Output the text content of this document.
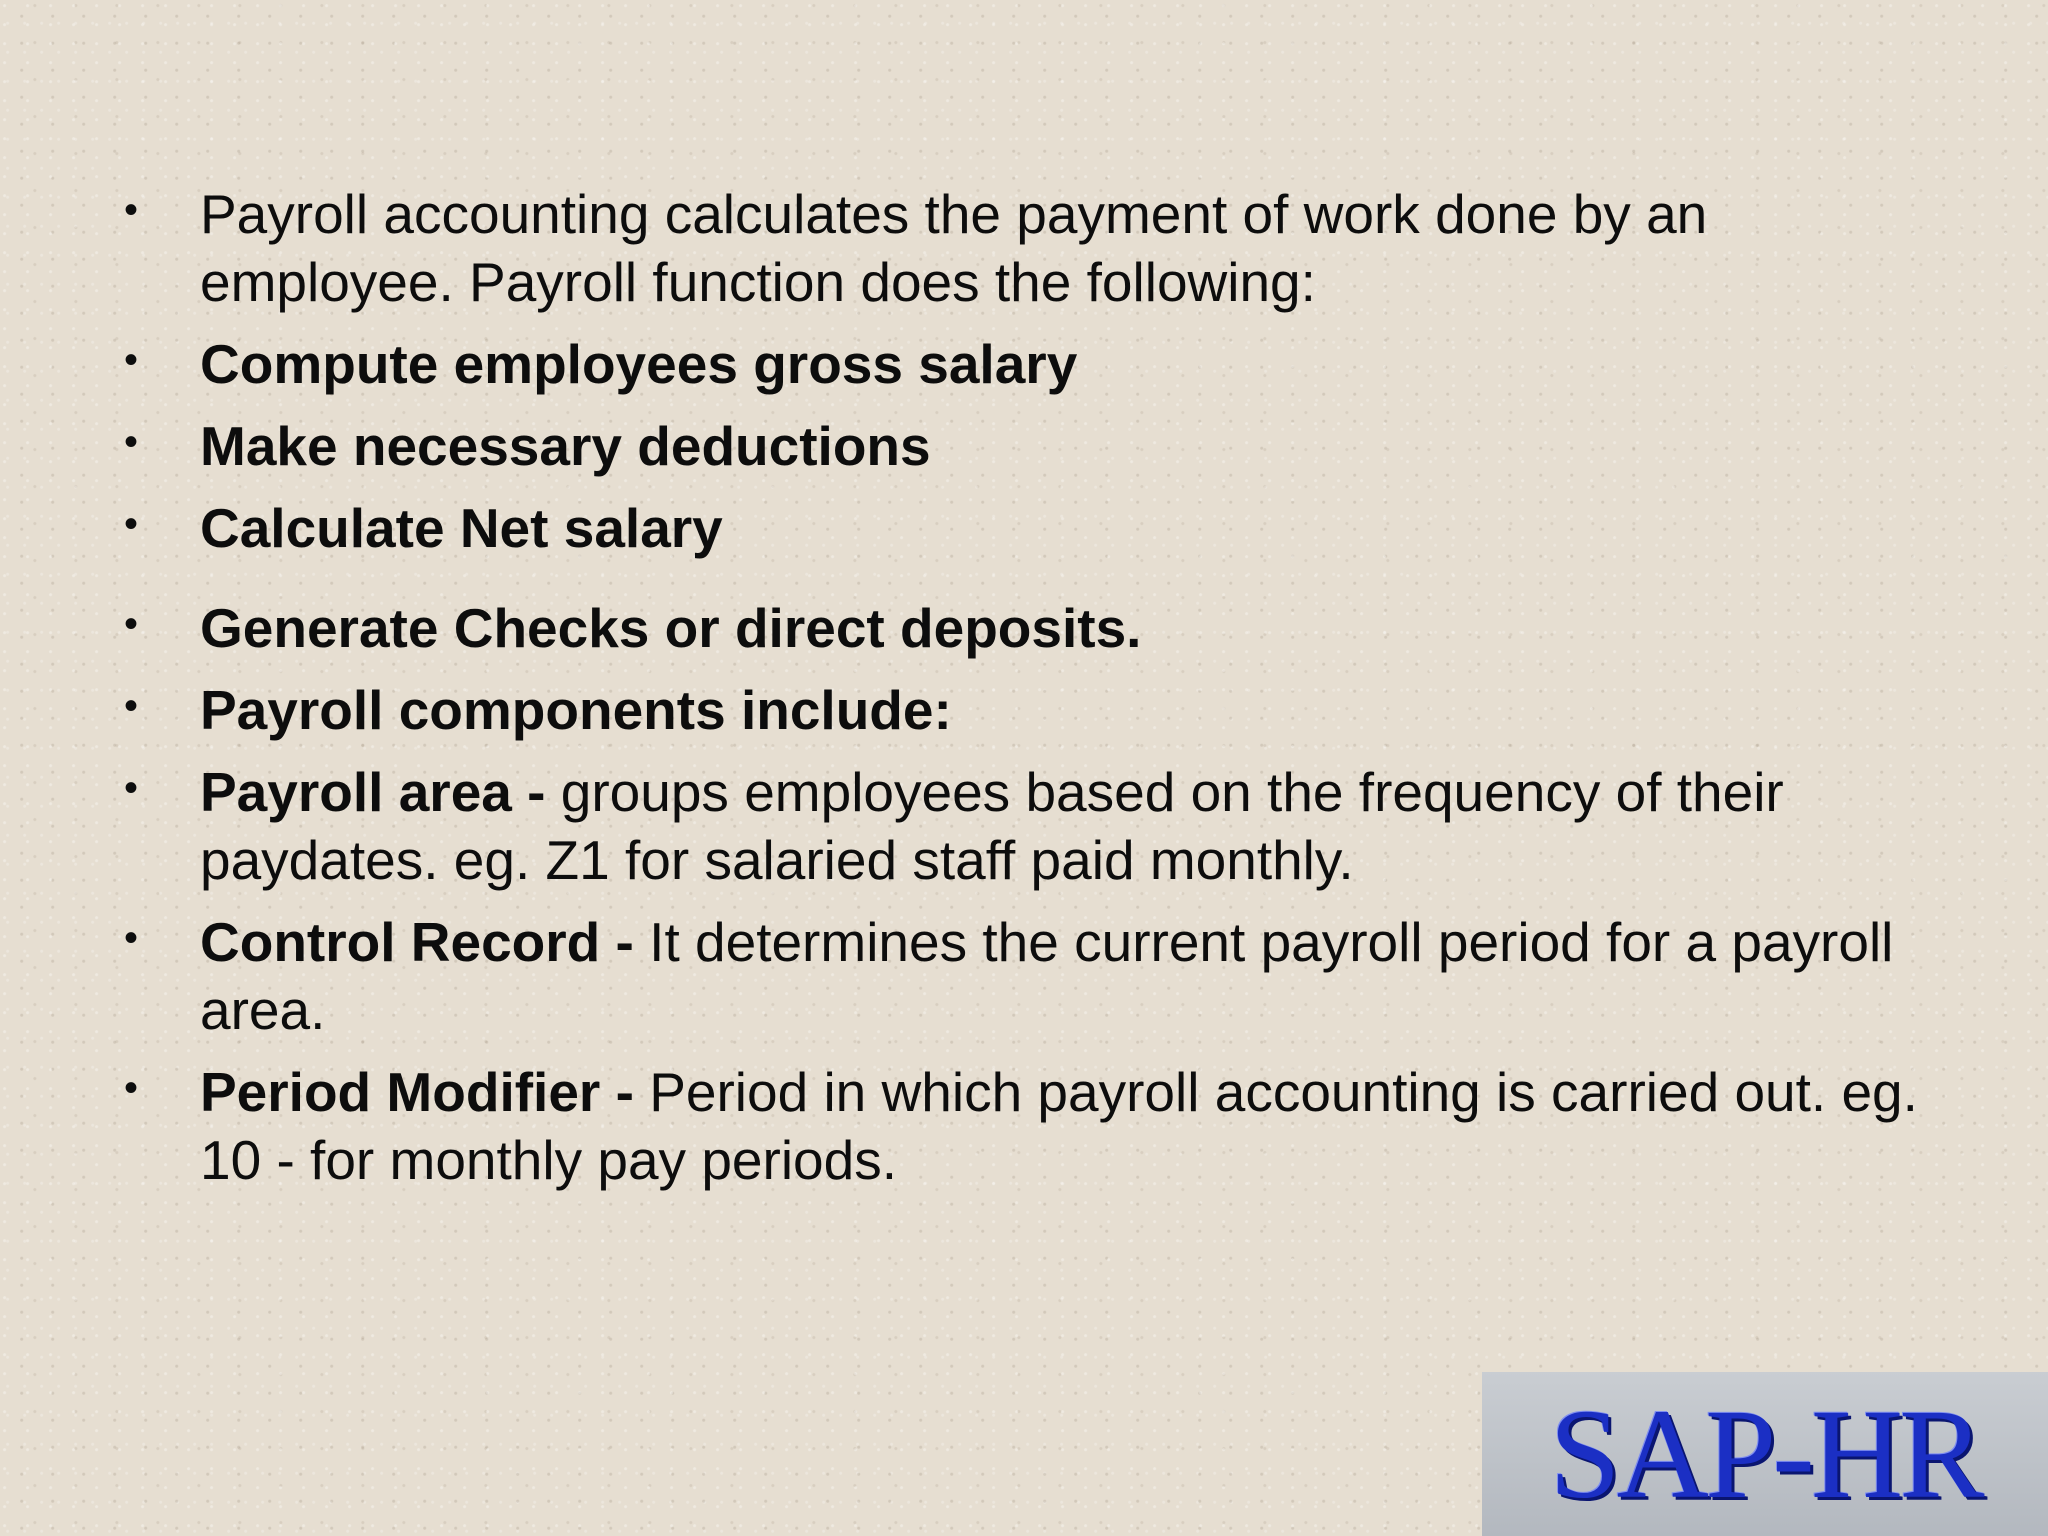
• Payroll accounting calculates the payment of work done by an employee. Payroll function does the following:
• Compute employees gross salary
• Make necessary deductions
• Calculate Net salary
• Generate Checks or direct deposits.
• Payroll components include:
• Payroll area - groups employees based on the frequency of their paydates. eg. Z1 for salaried staff paid monthly.
• Control Record - It determines the current payroll period for a payroll area.
• Period Modifier - Period in which payroll accounting is carried out. eg. 10 - for monthly pay periods.
SAP-HR
